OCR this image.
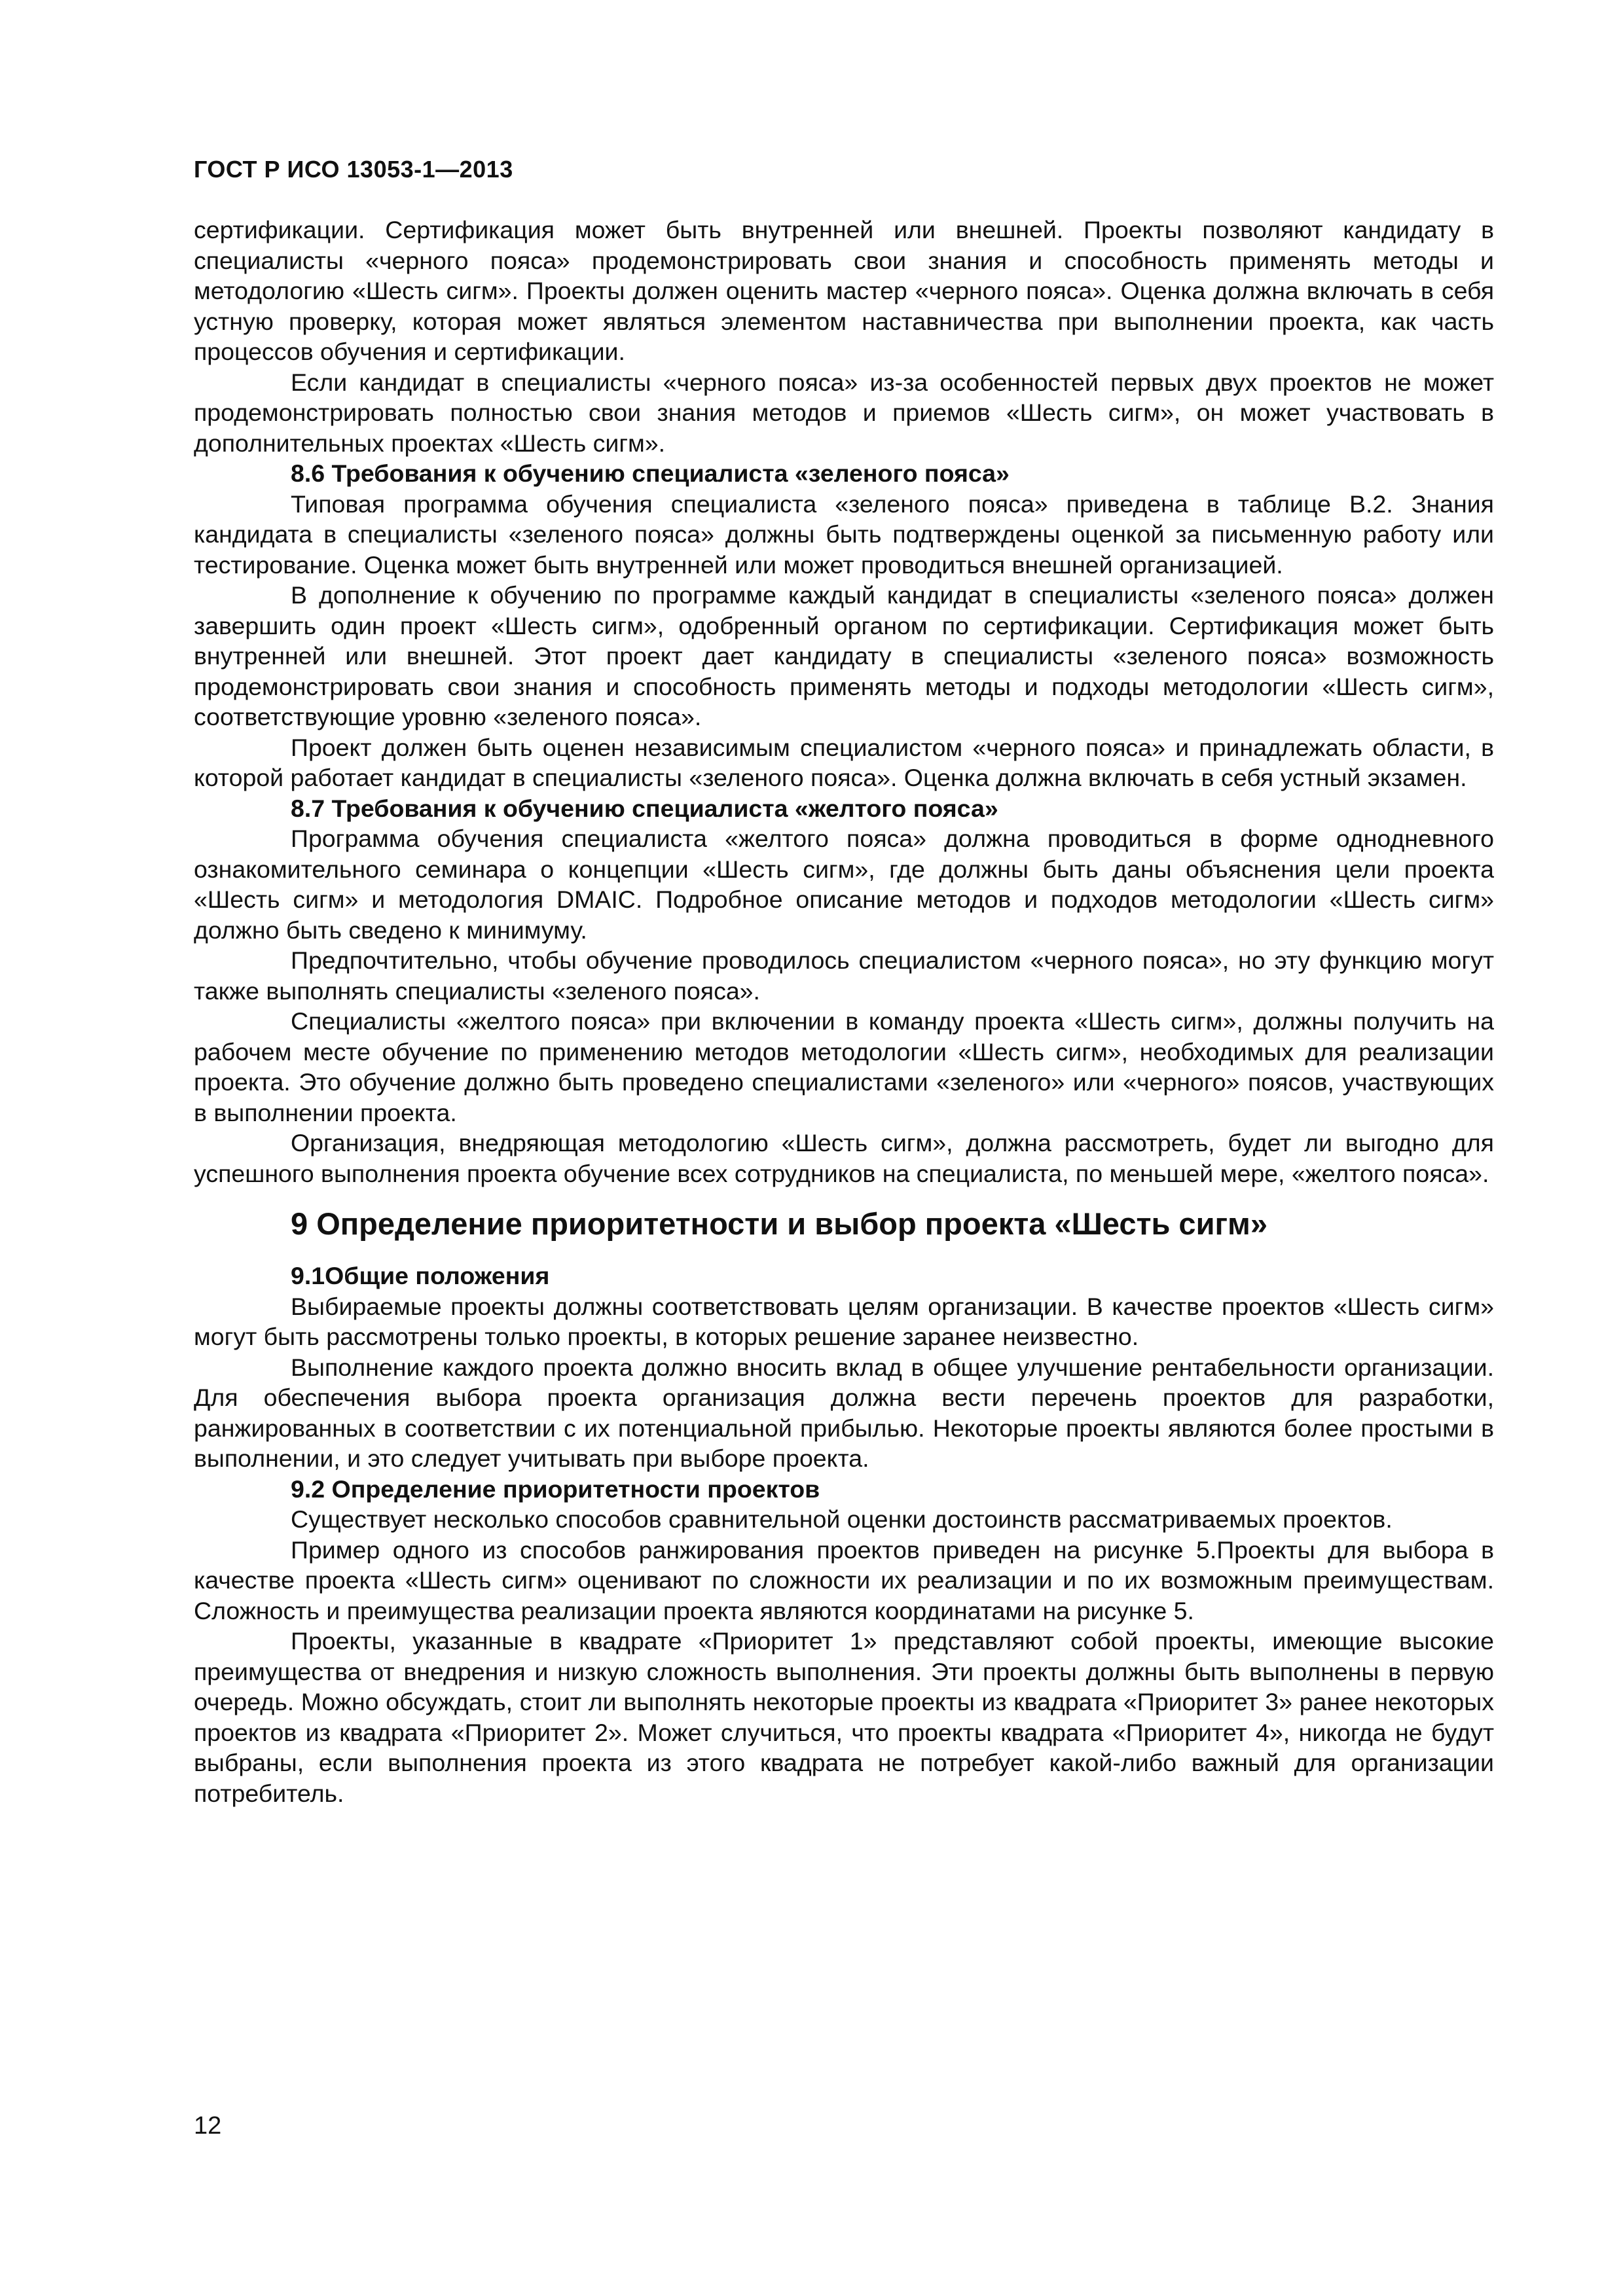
ГОСТ Р ИСО 13053-1—2013

сертификации. Сертификация может быть внутренней или внешней. Проекты позволяют кандидату в специалисты «черного пояса» продемонстрировать свои знания и способность применять методы и методологию «Шесть сигм». Проекты должен оценить мастер «черного пояса». Оценка должна включать в себя устную проверку, которая может являться элементом наставничества при выполнении проекта, как часть процессов обучения и сертификации.

Если кандидат в специалисты «черного пояса» из-за особенностей первых двух проектов не может продемонстрировать полностью свои знания методов и приемов «Шесть сигм», он может участвовать в дополнительных проектах «Шесть сигм».

8.6 Требования к обучению специалиста «зеленого пояса»

Типовая программа обучения специалиста «зеленого пояса» приведена в таблице В.2. Знания кандидата в специалисты «зеленого пояса» должны быть подтверждены оценкой за письменную работу или тестирование. Оценка может быть внутренней или может проводиться внешней организацией.

В дополнение к обучению по программе каждый кандидат в специалисты «зеленого пояса» должен завершить один проект «Шесть сигм», одобренный органом по сертификации. Сертификация может быть внутренней или внешней. Этот проект дает кандидату в специалисты «зеленого пояса» возможность продемонстрировать свои знания и способность применять методы и подходы методологии «Шесть сигм», соответствующие уровню «зеленого пояса».

Проект должен быть оценен независимым специалистом «черного пояса» и принадлежать области, в которой работает кандидат в специалисты «зеленого пояса». Оценка должна включать в себя устный экзамен.

8.7 Требования к обучению специалиста «желтого пояса»

Программа обучения специалиста «желтого пояса» должна проводиться в форме однодневного ознакомительного семинара о концепции «Шесть сигм», где должны быть даны объяснения цели проекта «Шесть сигм» и методология DMAIC. Подробное описание методов и подходов методологии «Шесть сигм» должно быть сведено к минимуму.

Предпочтительно, чтобы обучение проводилось специалистом «черного пояса», но эту функцию могут также выполнять специалисты «зеленого пояса».

Специалисты «желтого пояса» при включении в команду проекта «Шесть сигм», должны получить на рабочем месте обучение по применению методов методологии «Шесть сигм», необходимых для реализации проекта. Это обучение должно быть проведено специалистами «зеленого» или «черного» поясов, участвующих в выполнении проекта.

Организация, внедряющая методологию «Шесть сигм», должна рассмотреть, будет ли выгодно для успешного выполнения проекта обучение всех сотрудников на специалиста, по меньшей мере, «желтого пояса».

9 Определение приоритетности и выбор проекта «Шесть сигм»
9.1Общие положения

Выбираемые проекты должны соответствовать целям организации. В качестве проектов «Шесть сигм» могут быть рассмотрены только проекты, в которых решение заранее неизвестно.

Выполнение каждого проекта должно вносить вклад в общее улучшение рентабельности организации. Для обеспечения выбора проекта организация должна вести перечень проектов для разработки, ранжированных в соответствии с их потенциальной прибылью. Некоторые проекты являются более простыми в выполнении, и это следует учитывать при выборе проекта.

9.2 Определение приоритетности проектов

Существует несколько способов сравнительной оценки достоинств рассматриваемых проектов.

Пример одного из способов ранжирования проектов приведен на рисунке 5.Проекты для выбора в качестве проекта «Шесть сигм» оценивают по сложности их реализации и по их возможным преимуществам. Сложность и преимущества реализации проекта являются координатами на рисунке 5.

Проекты, указанные в квадрате «Приоритет 1» представляют собой проекты, имеющие высокие преимущества от внедрения и низкую сложность выполнения. Эти проекты должны быть выполнены в первую очередь. Можно обсуждать, стоит ли выполнять некоторые проекты из квадрата «Приоритет 3» ранее некоторых проектов из квадрата «Приоритет 2». Может случиться, что проекты квадрата «Приоритет 4», никогда не будут выбраны, если выполнения проекта из этого квадрата не потребует какой-либо важный для организации потребитель.

12
